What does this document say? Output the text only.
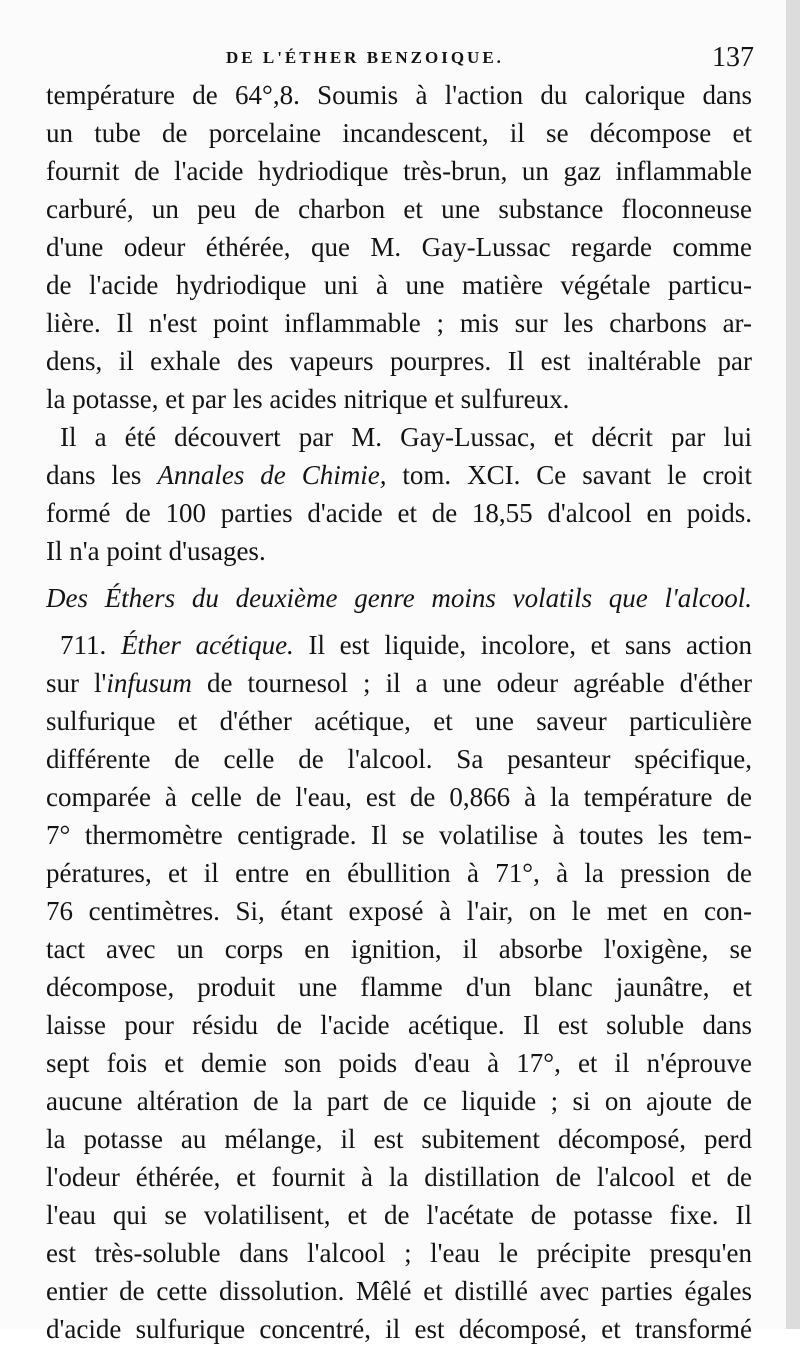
DE L'ÉTHER BENZOIQUE.	137
température de 64°,8. Soumis à l'action du calorique dans
un tube de porcelaine incandescent, il se décompose et
fournit de l'acide hydriodique très-brun, un gaz inflammable
carburé, un peu de charbon et une substance floconneuse
d'une odeur éthérée, que M. Gay-Lussac regarde comme
de l'acide hydriodique uni à une matière végétale particu-
lière. Il n'est point inflammable ; mis sur les charbons ar-
dens, il exhale des vapeurs pourpres. Il est inaltérable par
la potasse, et par les acides nitrique et sulfureux.
Il a été découvert par M. Gay-Lussac, et décrit par lui
dans les Annales de Chimie, tom. XCI. Ce savant le croit
formé de 100 parties d'acide et de 18,55 d'alcool en poids.
Il n'a point d'usages.
Des Éthers du deuxième genre moins volatils que l'alcool.
711. Éther acétique. Il est liquide, incolore, et sans action
sur l'infusum de tournesol ; il a une odeur agréable d'éther
sulfurique et d'éther acétique, et une saveur particulière
différente de celle de l'alcool. Sa pesanteur spécifique,
comparée à celle de l'eau, est de 0,866 à la température de
7° thermomètre centigrade. Il se volatilise à toutes les tem-
pératures, et il entre en ébullition à 71°, à la pression de
76 centimètres. Si, étant exposé à l'air, on le met en con-
tact avec un corps en ignition, il absorbe l'oxigène, se
décompose, produit une flamme d'un blanc jaunâtre, et
laisse pour résidu de l'acide acétique. Il est soluble dans
sept fois et demie son poids d'eau à 17°, et il n'éprouve
aucune altération de la part de ce liquide ; si on ajoute de
la potasse au mélange, il est subitement décomposé, perd
l'odeur éthérée, et fournit à la distillation de l'alcool et de
l'eau qui se volatilisent, et de l'acétate de potasse fixe. Il
est très-soluble dans l'alcool ; l'eau le précipite presqu'en
entier de cette dissolution. Mêlé et distillé avec parties égales
d'acide sulfurique concentré, il est décomposé, et transformé
